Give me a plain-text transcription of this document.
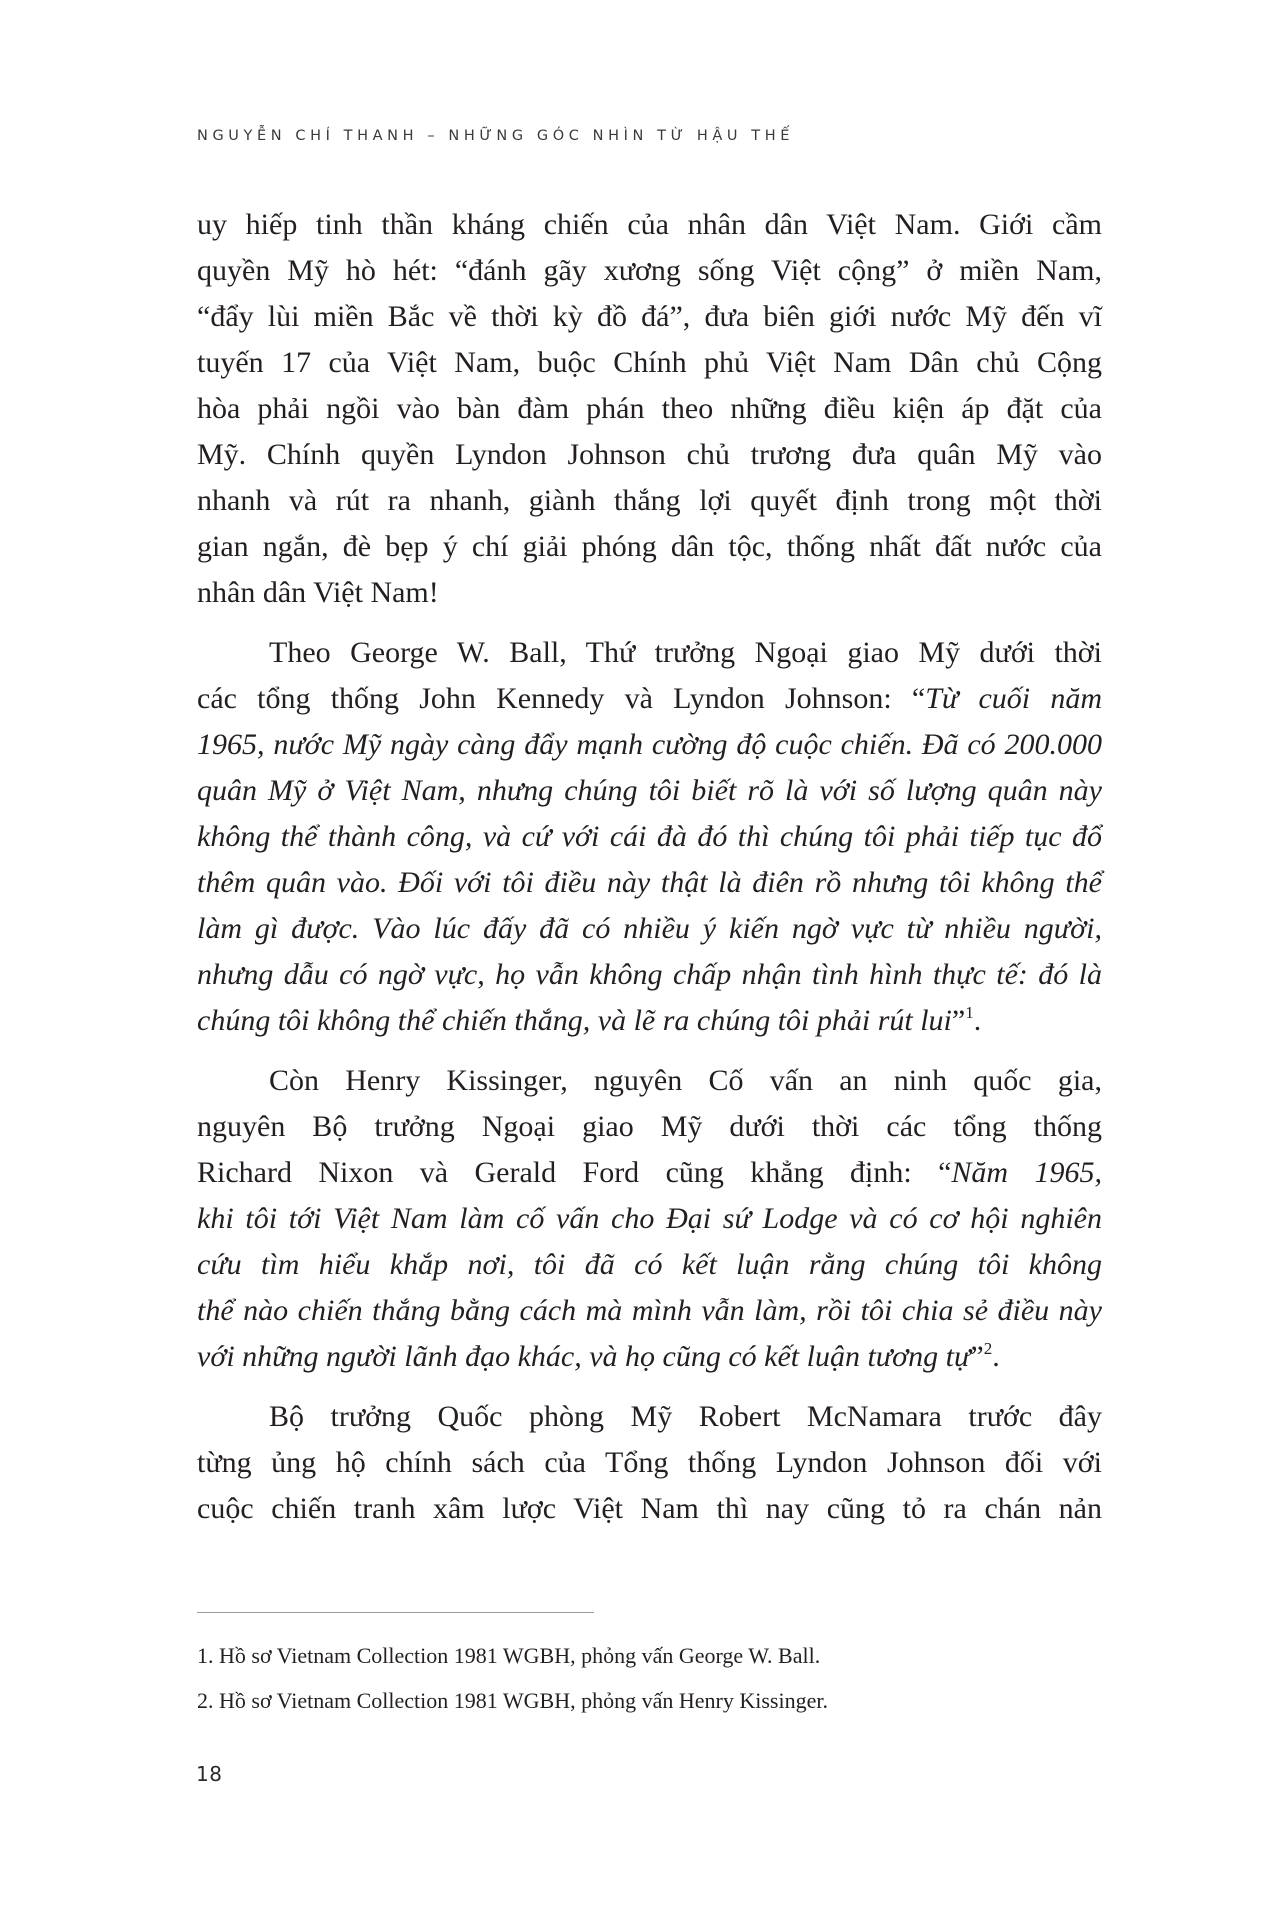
NGUYỄN CHÍ THANH – NHỮNG GÓC NHÌN TỪ HẬU THẾ
uy hiếp tinh thần kháng chiến của nhân dân Việt Nam. Giới cầm
quyền Mỹ hò hét: “đánh gãy xương sống Việt cộng” ở miền Nam,
“đẩy lùi miền Bắc về thời kỳ đồ đá”, đưa biên giới nước Mỹ đến vĩ
tuyến 17 của Việt Nam, buộc Chính phủ Việt Nam Dân chủ Cộng
hòa phải ngồi vào bàn đàm phán theo những điều kiện áp đặt của
Mỹ. Chính quyền Lyndon Johnson chủ trương đưa quân Mỹ vào
nhanh và rút ra nhanh, giành thắng lợi quyết định trong một thời
gian ngắn, đè bẹp ý chí giải phóng dân tộc, thống nhất đất nước của
nhân dân Việt Nam!
Theo George W. Ball, Thứ trưởng Ngoại giao Mỹ dưới thời
các tổng thống John Kennedy và Lyndon Johnson: “Từ cuối năm
1965, nước Mỹ ngày càng đẩy mạnh cường độ cuộc chiến. Đã có 200.000
quân Mỹ ở Việt Nam, nhưng chúng tôi biết rõ là với số lượng quân này
không thể thành công, và cứ với cái đà đó thì chúng tôi phải tiếp tục đổ
thêm quân vào. Đối với tôi điều này thật là điên rồ nhưng tôi không thể
làm gì được. Vào lúc đấy đã có nhiều ý kiến ngờ vực từ nhiều người,
nhưng dẫu có ngờ vực, họ vẫn không chấp nhận tình hình thực tế: đó là
chúng tôi không thể chiến thắng, và lẽ ra chúng tôi phải rút lui”$^1$.
Còn Henry Kissinger, nguyên Cố vấn an ninh quốc gia,
nguyên Bộ trưởng Ngoại giao Mỹ dưới thời các tổng thống
Richard Nixon và Gerald Ford cũng khẳng định: “Năm 1965,
khi tôi tới Việt Nam làm cố vấn cho Đại sứ Lodge và có cơ hội nghiên
cứu tìm hiểu khắp nơi, tôi đã có kết luận rằng chúng tôi không
thể nào chiến thắng bằng cách mà mình vẫn làm, rồi tôi chia sẻ điều này
với những người lãnh đạo khác, và họ cũng có kết luận tương tự”$^2$.
Bộ trưởng Quốc phòng Mỹ Robert McNamara trước đây
từng ủng hộ chính sách của Tổng thống Lyndon Johnson đối với
cuộc chiến tranh xâm lược Việt Nam thì nay cũng tỏ ra chán nản
1. Hồ sơ Vietnam Collection 1981 WGBH, phỏng vấn George W. Ball.
2. Hồ sơ Vietnam Collection 1981 WGBH, phỏng vấn Henry Kissinger.
18
